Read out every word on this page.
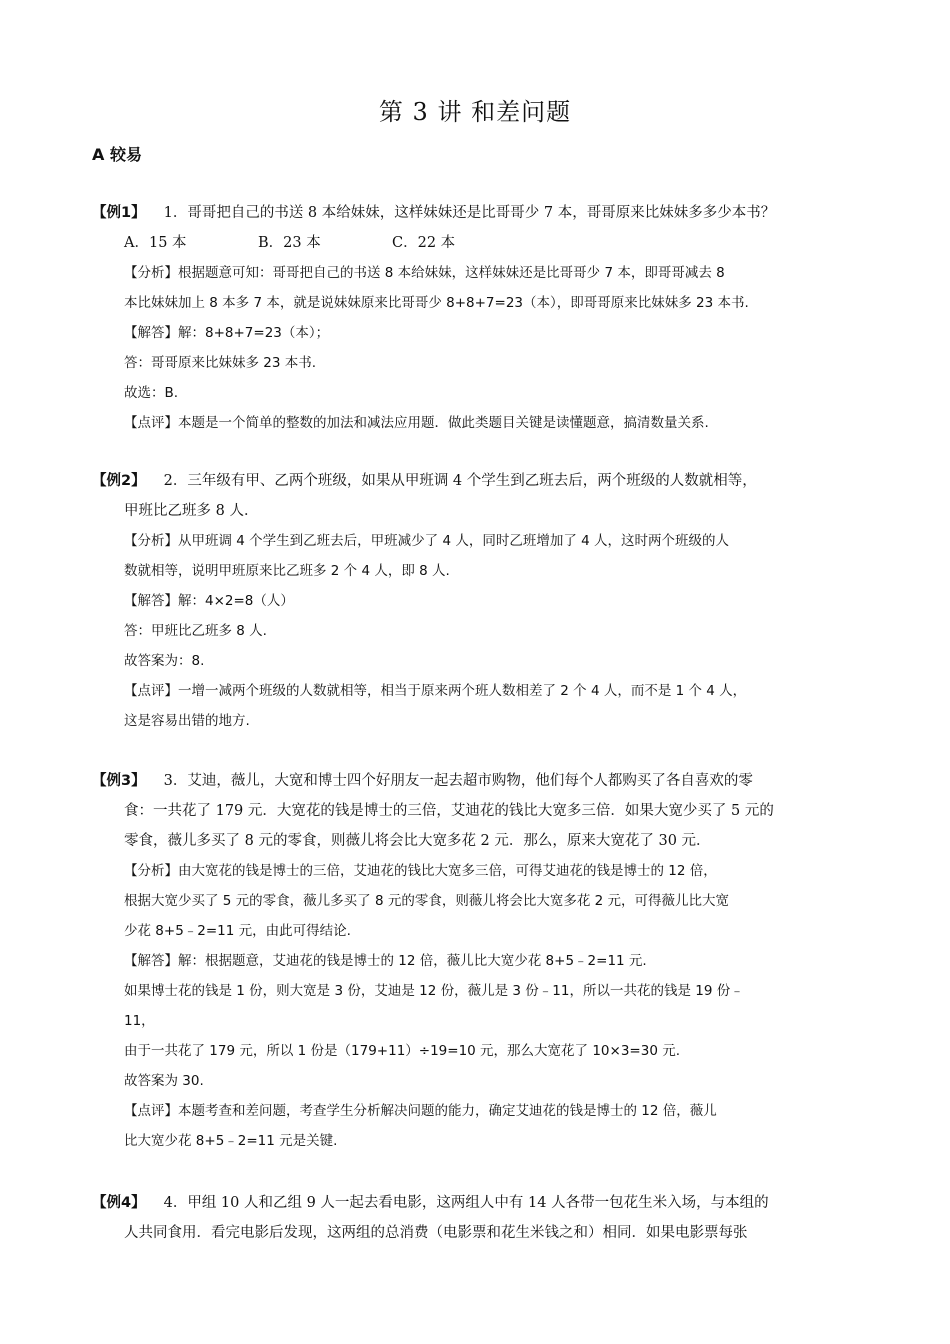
第 3 讲 和差问题
A 较易
【例1】 1．哥哥把自己的书送 8 本给妹妹，这样妹妹还是比哥哥少 7 本，哥哥原来比妹妹多多少本书？
A．15 本	B．23 本	C．22 本
【分析】根据题意可知：哥哥把自己的书送 8 本给妹妹，这样妹妹还是比哥哥少 7 本，即哥哥减去 8
本比妹妹加上 8 本多 7 本，就是说妹妹原来比哥哥少 8+8+7=23（本），即哥哥原来比妹妹多 23 本书.
【解答】解：8+8+7=23（本）；
答：哥哥原来比妹妹多 23 本书.
故选：B.
【点评】本题是一个简单的整数的加法和减法应用题．做此类题目关键是读懂题意，搞清数量关系.
【例2】 2．三年级有甲、乙两个班级，如果从甲班调 4 个学生到乙班去后，两个班级的人数就相等，
甲班比乙班多 8 人．
【分析】从甲班调 4 个学生到乙班去后，甲班减少了 4 人，同时乙班增加了 4 人，这时两个班级的人
数就相等，说明甲班原来比乙班多 2 个 4 人，即 8 人.
【解答】解：4×2=8（人）
答：甲班比乙班多 8 人.
故答案为：8.
【点评】一增一减两个班级的人数就相等，相当于原来两个班人数相差了 2 个 4 人，而不是 1 个 4 人，
这是容易出错的地方.
【例3】 3．艾迪，薇儿，大宽和博士四个好朋友一起去超市购物，他们每个人都购买了各自喜欢的零
食：一共花了 179 元．大宽花的钱是博士的三倍，艾迪花的钱比大宽多三倍．如果大宽少买了 5 元的
零食，薇儿多买了 8 元的零食，则薇儿将会比大宽多花 2 元．那么，原来大宽花了 30 元．
【分析】由大宽花的钱是博士的三倍，艾迪花的钱比大宽多三倍，可得艾迪花的钱是博士的 12 倍，
根据大宽少买了 5 元的零食，薇儿多买了 8 元的零食，则薇儿将会比大宽多花 2 元，可得薇儿比大宽
少花 8+5﹣2=11 元，由此可得结论.
【解答】解：根据题意，艾迪花的钱是博士的 12 倍，薇儿比大宽少花 8+5﹣2=11 元.
如果博士花的钱是 1 份，则大宽是 3 份，艾迪是 12 份，薇儿是 3 份﹣11，所以一共花的钱是 19 份﹣
11，
由于一共花了 179 元，所以 1 份是（179+11）÷19=10 元，那么大宽花了 10×3=30 元.
故答案为 30.
【点评】本题考查和差问题，考查学生分析解决问题的能力，确定艾迪花的钱是博士的 12 倍，薇儿
比大宽少花 8+5﹣2=11 元是关键.
【例4】 4．甲组 10 人和乙组 9 人一起去看电影，这两组人中有 14 人各带一包花生米入场，与本组的
人共同食用．看完电影后发现，这两组的总消费（电影票和花生米钱之和）相同．如果电影票每张
